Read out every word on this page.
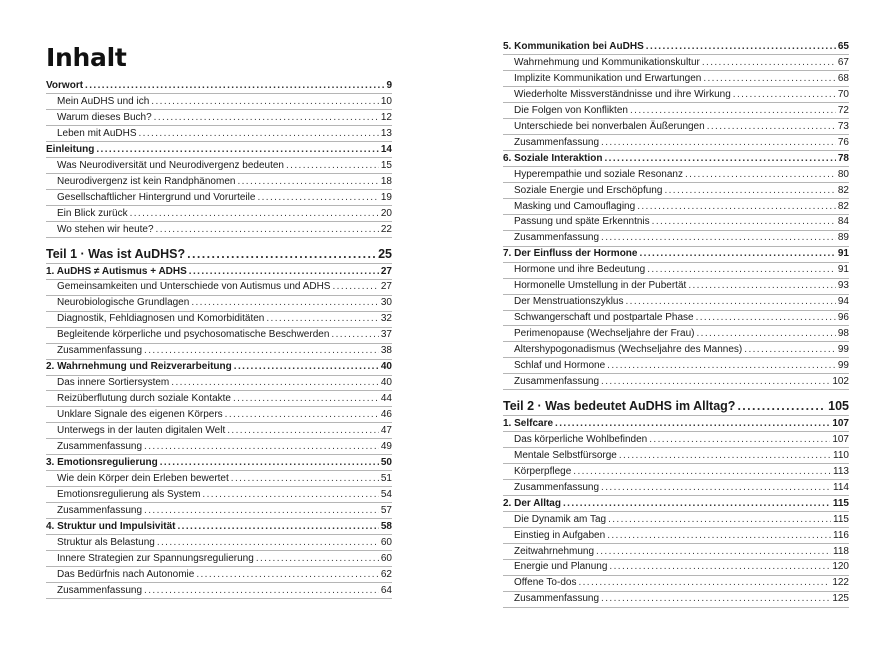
Inhalt
Vorwort .....	9
Mein AuDHS und ich .....	10
Warum dieses Buch? .....	12
Leben mit AuDHS .....	13
Einleitung .....	14
Was Neurodiversität und Neurodivergenz bedeuten .....	15
Neurodivergenz ist kein Randphänomen .....	18
Gesellschaftlicher Hintergrund und Vorurteile .....	19
Ein Blick zurück .....	20
Wo stehen wir heute? .....	22
Teil 1 · Was ist AuDHS? .....	25
1. AuDHS ≠ Autismus + ADHS .....	27
Gemeinsamkeiten und Unterschiede von Autismus und ADHS .....	27
Neurobiologische Grundlagen .....	30
Diagnostik, Fehldiagnosen und Komorbiditäten .....	32
Begleitende körperliche und psychosomatische Beschwerden .....	37
Zusammenfassung .....	38
2. Wahrnehmung und Reizverarbeitung .....	40
Das innere Sortiersystem .....	40
Reizüberflutung durch soziale Kontakte .....	44
Unklare Signale des eigenen Körpers .....	46
Unterwegs in der lauten digitalen Welt .....	47
Zusammenfassung .....	49
3. Emotionsregulierung .....	50
Wie dein Körper dein Erleben bewertet .....	51
Emotionsregulierung als System .....	54
Zusammenfassung .....	57
4. Struktur und Impulsivität .....	58
Struktur als Belastung .....	60
Innere Strategien zur Spannungsregulierung .....	60
Das Bedürfnis nach Autonomie .....	62
Zusammenfassung .....	64
5. Kommunikation bei AuDHS .....	65
Wahrnehmung und Kommunikationskultur .....	67
Implizite Kommunikation und Erwartungen .....	68
Wiederholte Missverständnisse und ihre Wirkung .....	70
Die Folgen von Konflikten .....	72
Unterschiede bei nonverbalen Äußerungen .....	73
Zusammenfassung .....	76
6. Soziale Interaktion .....	78
Hyperempathie und soziale Resonanz .....	80
Soziale Energie und Erschöpfung .....	82
Masking und Camouflaging .....	82
Passung und späte Erkenntnis .....	84
Zusammenfassung .....	89
7. Der Einfluss der Hormone .....	91
Hormone und ihre Bedeutung .....	91
Hormonelle Umstellung in der Pubertät .....	93
Der Menstruationszyklus .....	94
Schwangerschaft und postpartale Phase .....	96
Perimenopause (Wechseljahre der Frau) .....	98
Altershypogonadismus (Wechseljahre des Mannes) .....	99
Schlaf und Hormone .....	99
Zusammenfassung .....	102
Teil 2 · Was bedeutet AuDHS im Alltag? .....	105
1. Selfcare .....	107
Das körperliche Wohlbefinden .....	107
Mentale Selbstfürsorge .....	110
Körperpflege .....	113
Zusammenfassung .....	114
2. Der Alltag .....	115
Die Dynamik am Tag .....	115
Einstieg in Aufgaben .....	116
Zeitwahrnehmung .....	118
Energie und Planung .....	120
Offene To-dos .....	122
Zusammenfassung .....	125
